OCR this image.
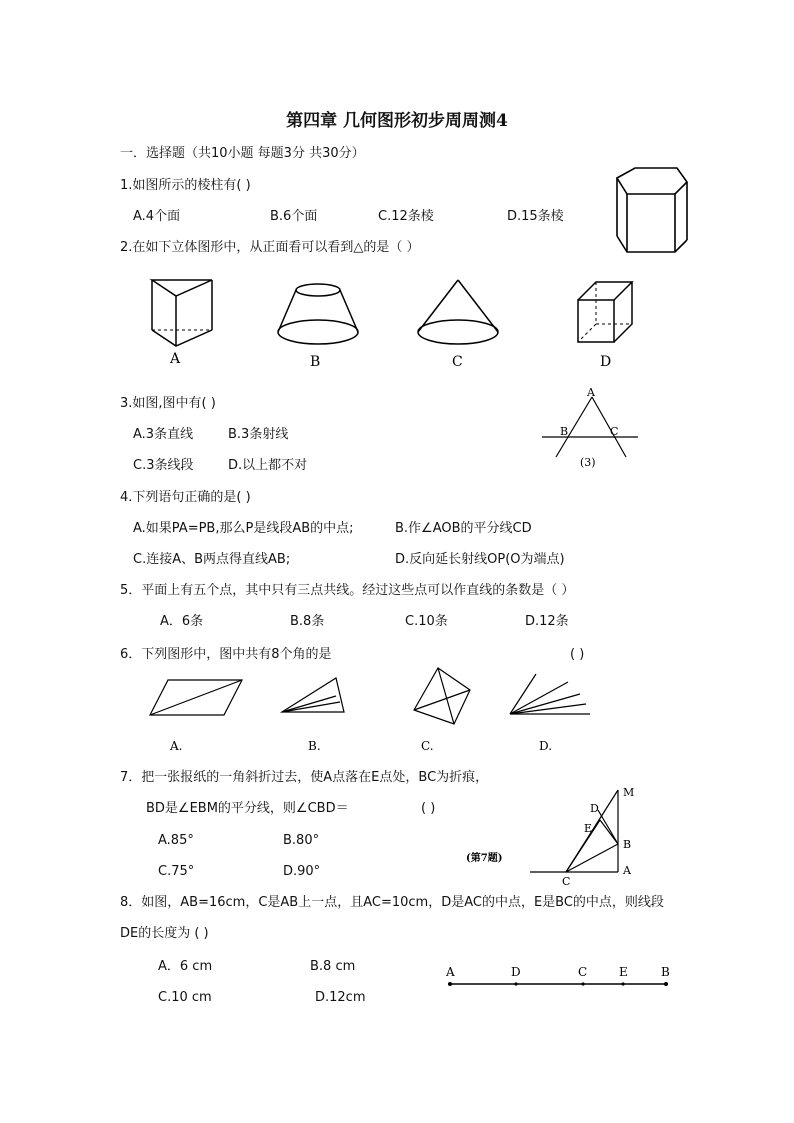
第四章 几何图形初步周周测4
一．选择题（共10小题 每题3分 共30分）
1.如图所示的棱柱有( )
A.4个面	B.6个面	C.12条棱	D.15条棱
2.在如下立体图形中，从正面看可以看到△的是（ ）
A	B	C	D
3.如图,图中有( )
A.3条直线	B.3条射线
C.3条线段	D.以上都不对
A
B	C
(3)
4.下列语句正确的是( )
A.如果PA=PB,那么P是线段AB的中点;	B.作∠AOB的平分线CD
C.连接A、B两点得直线AB;	D.反向延长射线OP(O为端点)
5．平面上有五个点，其中只有三点共线。经过这些点可以作直线的条数是（ ）
A．6条	B.8条	C.10条	D.12条
6．下列图形中，图中共有8个角的是	( )
A.	B.	C.	D.
7．把一张报纸的一角斜折过去，使A点落在E点处，BC为折痕，
BD是∠EBM的平分线，则∠CBD＝	( )
A.85°	B.80°
C.75°	D.90°
M
D
E
B
A
C
(第7题)
8．如图，AB=16cm，C是AB上一点，且AC=10cm，D是AC的中点，E是BC的中点，则线段
DE的长度为 ( )
A．6 cm	B.8 cm
C.10 cm	D.12cm
A	D	C	E	B
